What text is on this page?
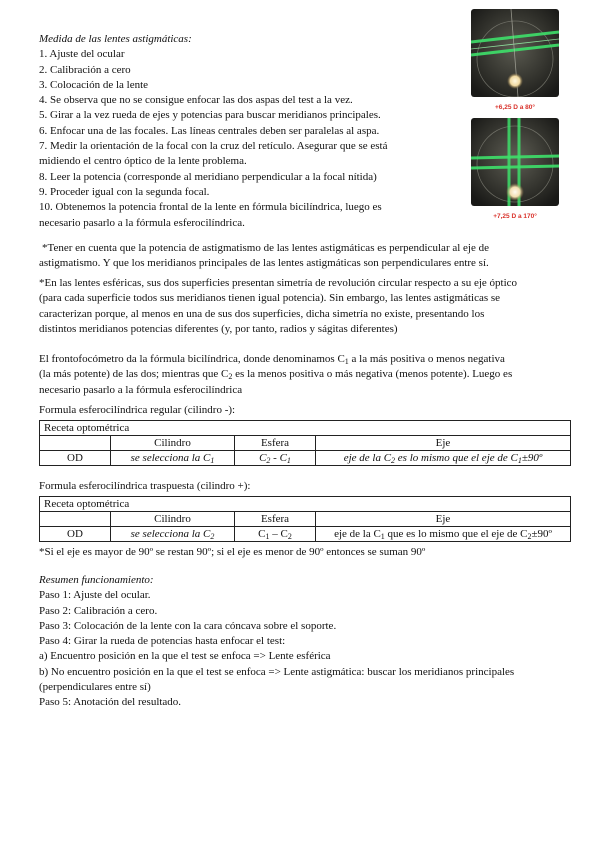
Medida de las lentes astigmáticas:

1. Ajuste del ocular

2. Calibración a cero

3. Colocación de la lente

4. Se observa que no se consigue enfocar las dos aspas del test a la vez.

5. Girar a la vez rueda de ejes y potencias para buscar meridianos principales.

6. Enfocar una de las focales. Las líneas centrales deben ser paralelas al aspa.

7. Medir la orientación de la focal con la cruz del retículo. Asegurar que se está

midiendo el centro óptico de la lente problema.

8. Leer la potencia (corresponde al meridiano perpendicular a la focal nítida)

9. Proceder igual con la segunda focal.

10. Obtenemos la potencia frontal de la lente en fórmula bicilíndrica, luego es

necesario pasarlo a la fórmula esferocilíndrica.

+6,25 D a 80°
+7,25 D a 170°

*Tener en cuenta que la potencia de astigmatismo de las lentes astigmáticas es perpendicular al eje de

astigmatismo. Y que los meridianos principales de las lentes astigmáticas son perpendiculares entre sí.

*En las lentes esféricas, sus dos superficies presentan simetría de revolución circular respecto a su eje óptico

(para cada superficie todos sus meridianos tienen igual potencia). Sin embargo, las lentes astigmáticas se

caracterizan porque, al menos en una de sus dos superficies, dicha simetría no existe, presentando los

distintos meridianos potencias diferentes (y, por tanto, radios y ságitas diferentes)

El frontofocómetro da la fórmula bicilíndrica, donde denominamos $C_1$ a la más positiva o menos negativa

(la más potente) de las dos; mientras que $C_2$ es la menos positiva o más negativa (menos potente). Luego es

necesario pasarlo a la fórmula esferocilíndrica

Formula esferocilíndrica regular (cilindro -):

Receta optométrica			
	Cilindro	Esfera	Eje
OD	se selecciona la $C_1$	$C_2 - C_1$	eje de la $C_2$ es lo mismo que el eje de $C_1\pm 90º$

Formula esferocilíndrica traspuesta (cilindro +):

Receta optométrica			
	Cilindro	Esfera	Eje
OD	se selecciona la $C_2$	$C_1 - C_2$	eje de la $C_1$ que es lo mismo que el eje de $C_2\pm 90º$

*Si el eje es mayor de 90º se restan 90º; si el eje es menor de 90º entonces se suman 90º

Resumen funcionamiento:

Paso 1: Ajuste del ocular.

Paso 2: Calibración a cero.

Paso 3: Colocación de la lente con la cara cóncava sobre el soporte.

Paso 4: Girar la rueda de potencias hasta enfocar el test:

a) Encuentro posición en la que el test se enfoca => Lente esférica

b) No encuentro posición en la que el test se enfoca => Lente astigmática: buscar los meridianos principales

(perpendiculares entre sí)

Paso 5: Anotación del resultado.
